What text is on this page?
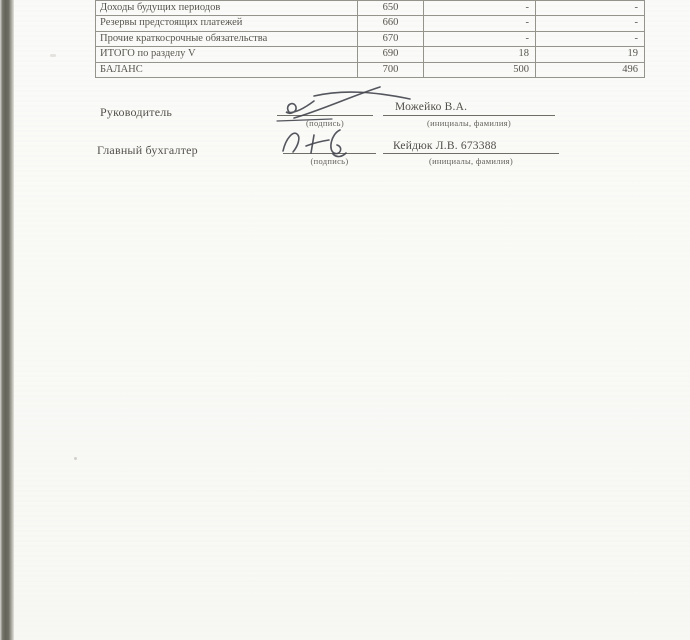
Доходы будущих периодов	650	-	-
Резервы предстоящих платежей	660	-	-
Прочие краткосрочные обязательства	670	-	-
ИТОГО по разделу V	690	18	19
БАЛАНС	700	500	496
Руководитель
(подпись)
Можейко В.А.
(инициалы, фамилия)
Главный бухгалтер
(подпись)
Кейдюк Л.В. 673388
(инициалы, фамилия)
